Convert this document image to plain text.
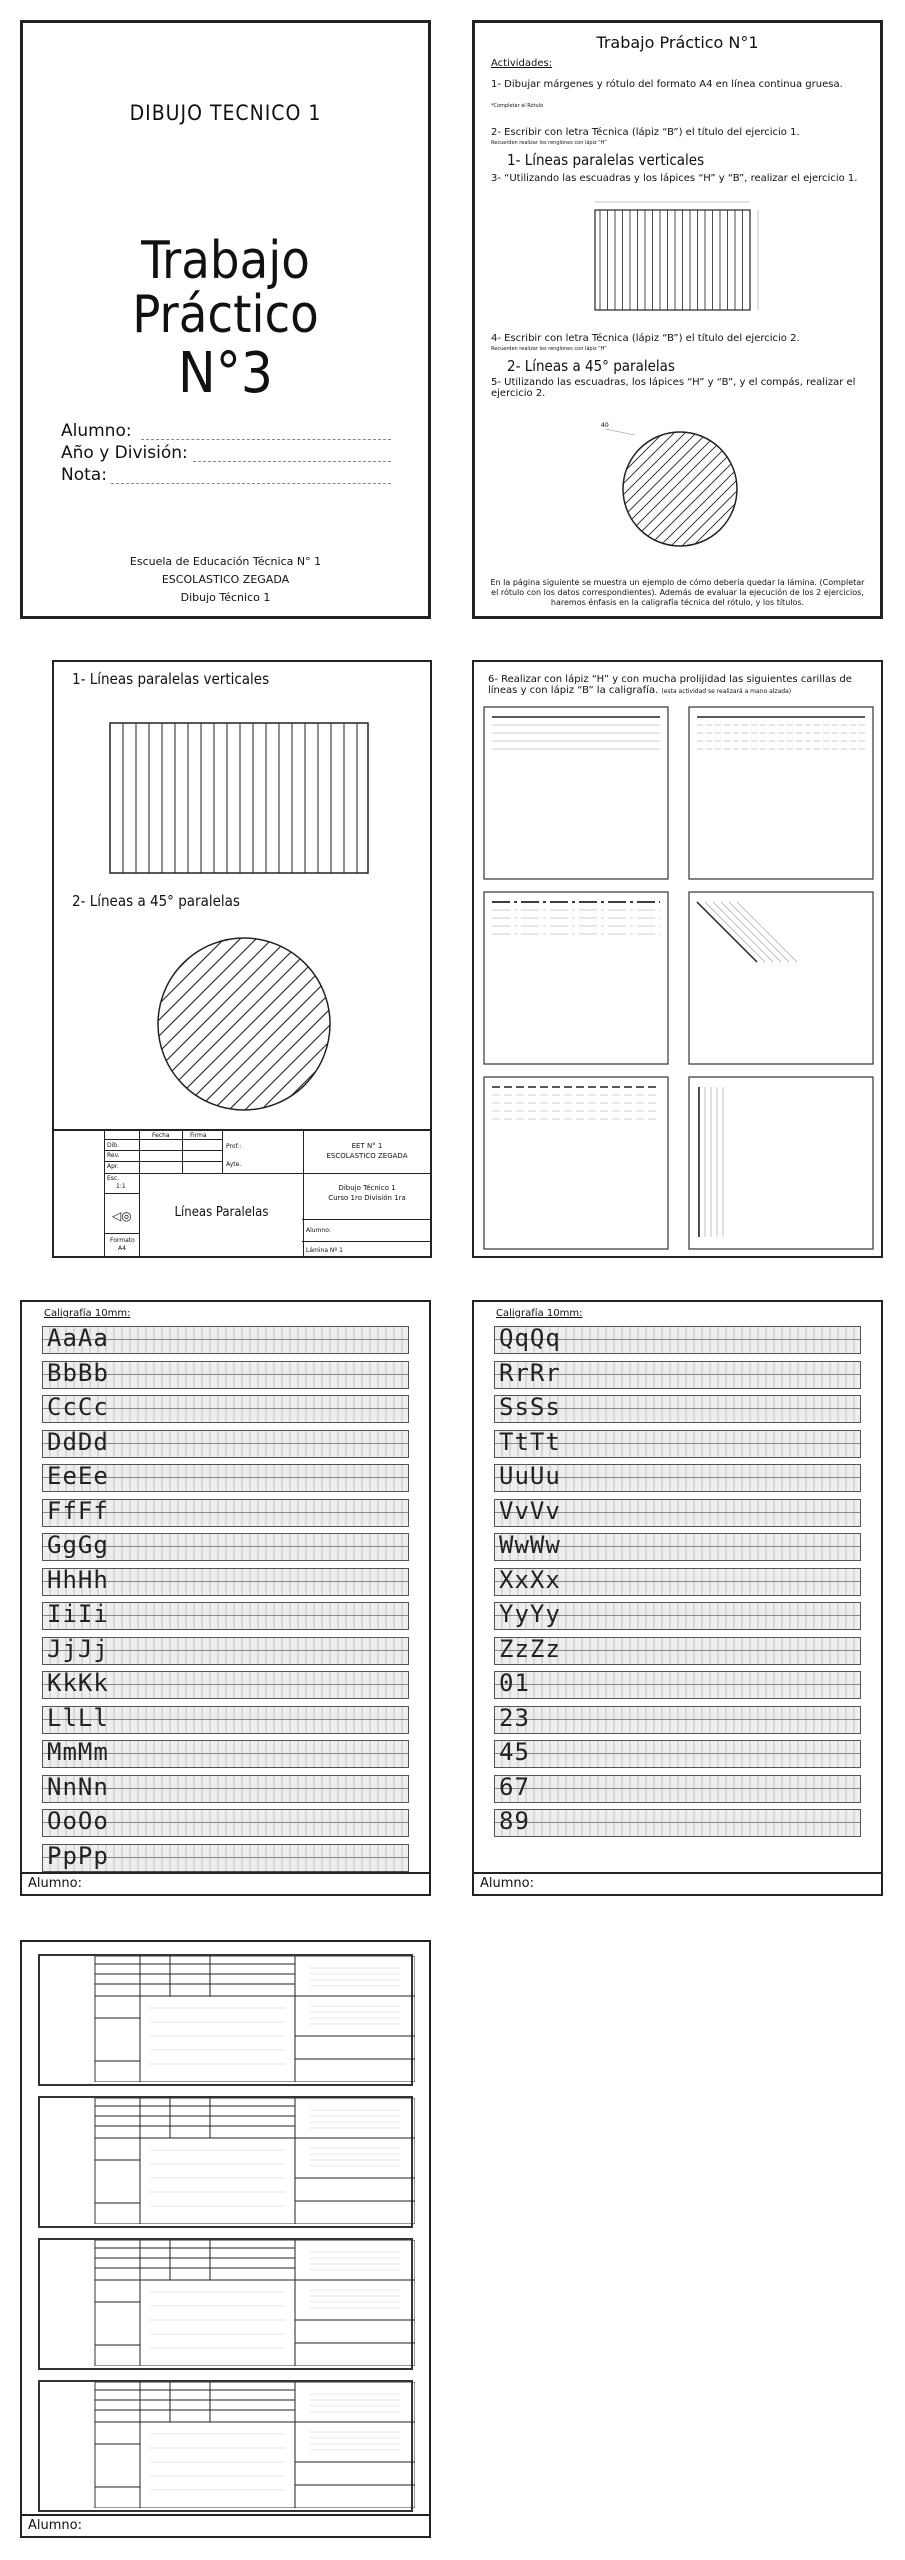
DIBUJO TECNICO 1
Trabajo
Práctico
N°3
Alumno:
Año y División:
Nota:
Escuela de Educación Técnica N° 1
ESCOLASTICO ZEGADA
Dibujo Técnico 1
Trabajo Práctico N°1
Actividades:
1- Dibujar márgenes y rótulo del formato A4 en línea continua gruesa.
*Completar el Rótulo
2- Escribir con letra Técnica (lápiz “B”) el título del ejercicio 1.
Recuerden realizar los renglones con lápiz “H”
1- Líneas paralelas verticales
3- “Utilizando las escuadras y los lápices “H” y “B”, realizar el ejercicio 1.
4- Escribir con letra Técnica (lápiz “B”) el título del ejercicio 2.
Recuerden realizar los renglones con lápiz “H”
2- Líneas a 45° paralelas
5- Utilizando las escuadras, los lápices “H” y “B”, y el compás, realizar el ejercicio 2.
40
En la página siguiente se muestra un ejemplo de cómo debería quedar la lámina. (Completar el rótulo con los datos correspondientes). Además de evaluar la ejecución de los 2 ejercicios, haremos énfasis en la caligrafía técnica del rótulo, y los títulos.
1- Líneas paralelas verticales
2- Líneas a 45° paralelas
Fecha	Firma
Dib.
Rev.
Apr.
Esc.
1:1
Prof.:
Ayte.
EET N° 1
ESCOLASTICO ZEGADA
Líneas Paralelas
Dibujo Técnico 1
Curso 1ro División 1ra
Alumno:
Lámina Nº 1
◁◎
Formato
A4
6- Realizar con lápiz “H” y con mucha prolijidad las siguientes carillas de líneas y con lápiz “B” la caligrafía. (esta actividad se realizará a mano alzada)
Caligrafía 10mm:
AaAa
BbBb
CcCc
DdDd
EeEe
FfFf
GgGg
HhHh
IiIi
JjJj
KkKk
LlLl
MmMm
NnNn
OoOo
PpPp
Alumno:
Caligrafía 10mm:
QqQq
RrRr
SsSs
TtTt
UuUu
VvVv
WwWw
XxXx
YyYy
ZzZz
01
23
45
67
89
Alumno:
Alumno:
